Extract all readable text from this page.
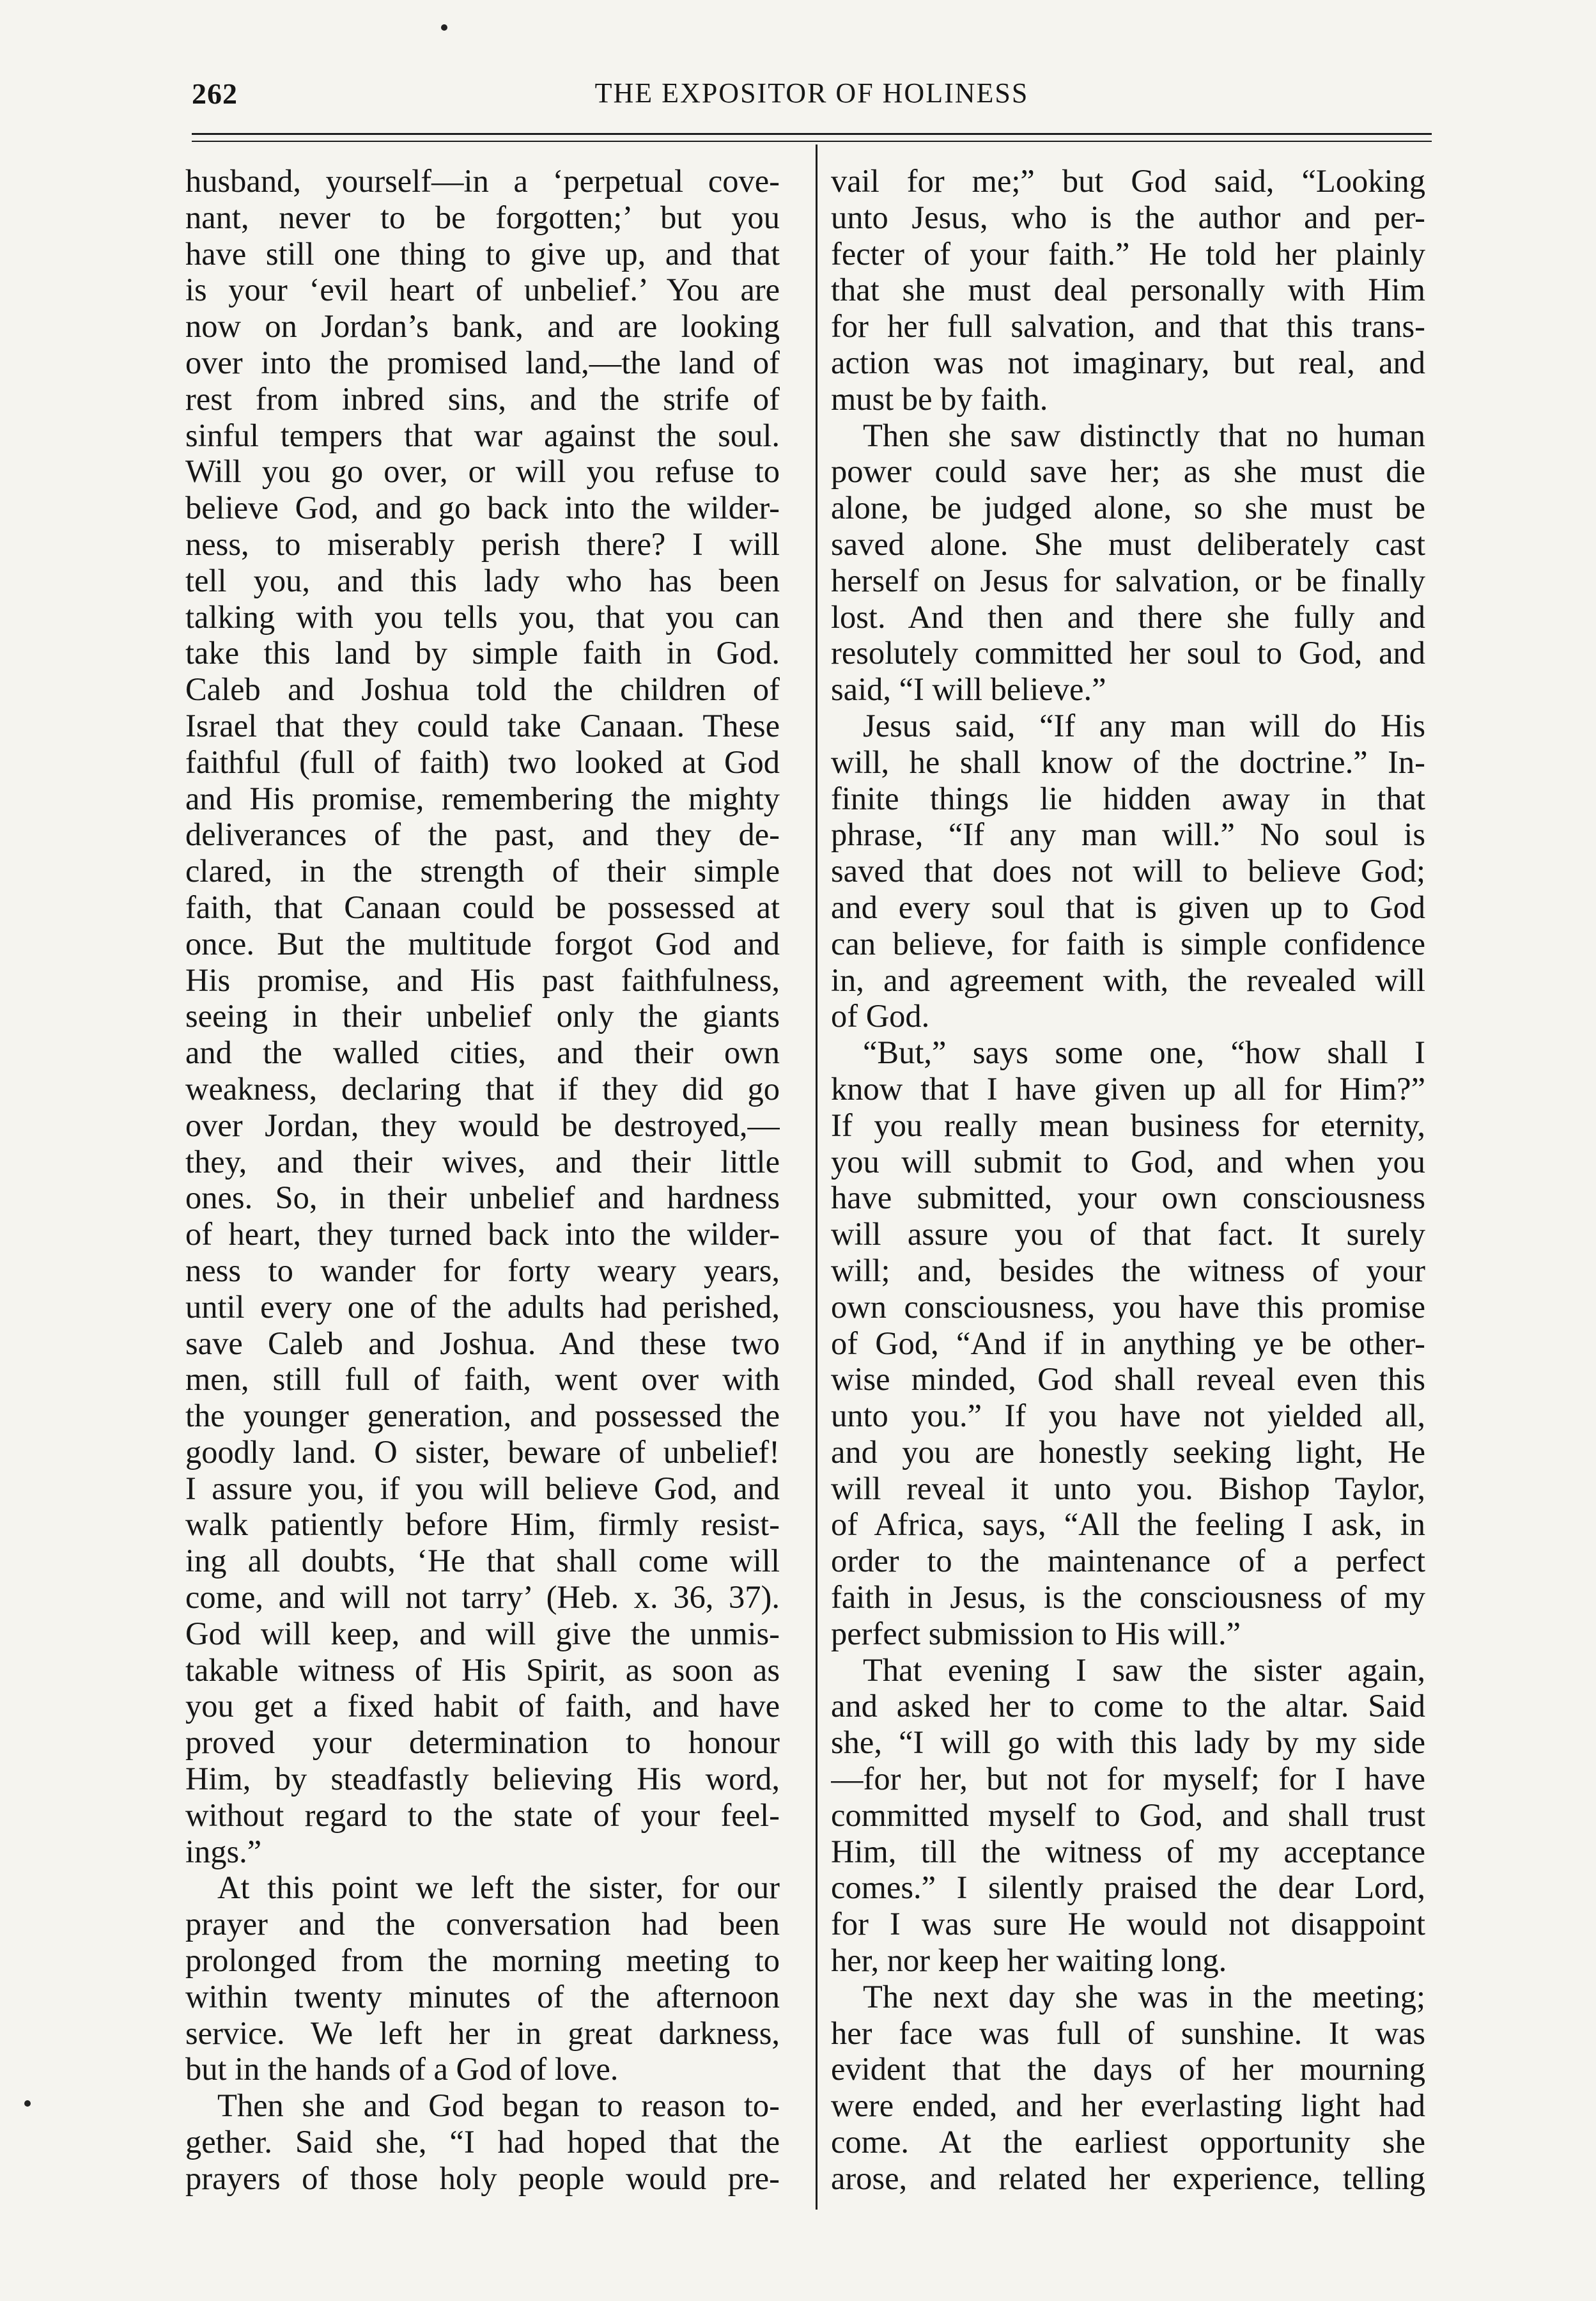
262	THE EXPOSITOR OF HOLINESS
husband, yourself—in a ‘perpetual cove-
nant, never to be forgotten;’ but you
have still one thing to give up, and that
is your ‘evil heart of unbelief.’ You are
now on Jordan’s bank, and are looking
over into the promised land,—the land of
rest from inbred sins, and the strife of
sinful tempers that war against the soul.
Will you go over, or will you refuse to
believe God, and go back into the wilder-
ness, to miserably perish there? I will
tell you, and this lady who has been
talking with you tells you, that you can
take this land by simple faith in God.
Caleb and Joshua told the children of
Israel that they could take Canaan. These
faithful (full of faith) two looked at God
and His promise, remembering the mighty
deliverances of the past, and they de-
clared, in the strength of their simple
faith, that Canaan could be possessed at
once. But the multitude forgot God and
His promise, and His past faithfulness,
seeing in their unbelief only the giants
and the walled cities, and their own
weakness, declaring that if they did go
over Jordan, they would be destroyed,—
they, and their wives, and their little
ones. So, in their unbelief and hardness
of heart, they turned back into the wilder-
ness to wander for forty weary years,
until every one of the adults had perished,
save Caleb and Joshua. And these two
men, still full of faith, went over with
the younger generation, and possessed the
goodly land. O sister, beware of unbelief!
I assure you, if you will believe God, and
walk patiently before Him, firmly resist-
ing all doubts, ‘He that shall come will
come, and will not tarry’ (Heb. x. 36, 37).
God will keep, and will give the unmis-
takable witness of His Spirit, as soon as
you get a fixed habit of faith, and have
proved your determination to honour
Him, by steadfastly believing His word,
without regard to the state of your feel-
ings.”
At this point we left the sister, for our
prayer and the conversation had been
prolonged from the morning meeting to
within twenty minutes of the afternoon
service. We left her in great darkness,
but in the hands of a God of love.
Then she and God began to reason to-
gether. Said she, “I had hoped that the
prayers of those holy people would pre-
vail for me;” but God said, “Looking
unto Jesus, who is the author and per-
fecter of your faith.” He told her plainly
that she must deal personally with Him
for her full salvation, and that this trans-
action was not imaginary, but real, and
must be by faith.
Then she saw distinctly that no human
power could save her; as she must die
alone, be judged alone, so she must be
saved alone. She must deliberately cast
herself on Jesus for salvation, or be finally
lost. And then and there she fully and
resolutely committed her soul to God, and
said, “I will believe.”
Jesus said, “If any man will do His
will, he shall know of the doctrine.” In-
finite things lie hidden away in that
phrase, “If any man will.” No soul is
saved that does not will to believe God;
and every soul that is given up to God
can believe, for faith is simple confidence
in, and agreement with, the revealed will
of God.
“But,” says some one, “how shall I
know that I have given up all for Him?”
If you really mean business for eternity,
you will submit to God, and when you
have submitted, your own consciousness
will assure you of that fact. It surely
will; and, besides the witness of your
own consciousness, you have this promise
of God, “And if in anything ye be other-
wise minded, God shall reveal even this
unto you.” If you have not yielded all,
and you are honestly seeking light, He
will reveal it unto you. Bishop Taylor,
of Africa, says, “All the feeling I ask, in
order to the maintenance of a perfect
faith in Jesus, is the consciousness of my
perfect submission to His will.”
That evening I saw the sister again,
and asked her to come to the altar. Said
she, “I will go with this lady by my side
—for her, but not for myself; for I have
committed myself to God, and shall trust
Him, till the witness of my acceptance
comes.” I silently praised the dear Lord,
for I was sure He would not disappoint
her, nor keep her waiting long.
The next day she was in the meeting;
her face was full of sunshine. It was
evident that the days of her mourning
were ended, and her everlasting light had
come. At the earliest opportunity she
arose, and related her experience, telling
